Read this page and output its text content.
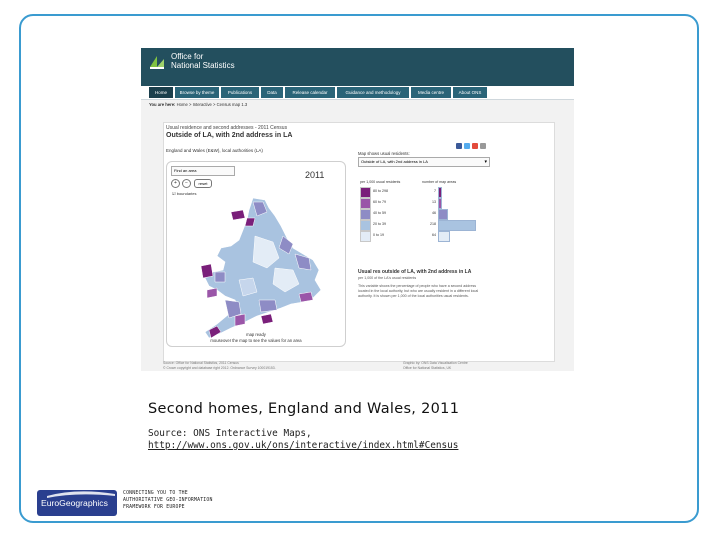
Office for
National Statistics
Home	Browse by theme	Publications	Data	Release calendar	Guidance and methodology	Media centre	About ONS
You are here: Home > Interactive > Census map 1.3
Usual residence and second addresses - 2011 Census
Outside of LA, with 2nd address in LA
England and Wales (E&W), local authorities (LA)
Find an area
+	−	reset
☑ boundaries
2011
map ready
mouseover the map to see the values for an area
Map shows usual residents:
Outside of LA, with 2nd address in LA	▾
per 1,000 usual residents	number of map areas
80 to 298	7
60 to 79	13
40 to 59	46
20 to 39	218
0 to 19	64
Usual res outside of LA, with 2nd address in LA
per 1,000 of the LA's usual residents
This variable shows the percentage of people who have a second address located in the local authority, but who are usually resident in a different local authority. It is shown per 1,000 of the local authorities usual residents.
Source: Office for National Statistics, 2011 Census
© Crown copyright and database right 2012. Ordnance Survey 100019153.
Graphic by: ONS Data Visualisation Centre
Office for National Statistics, UK
Second homes, England and Wales, 2011
Source: ONS Interactive Maps,
http://www.ons.gov.uk/ons/interactive/index.html#Census
EuroGeographics
CONNECTING YOU TO THE
AUTHORITATIVE GEO-INFORMATION
FRAMEWORK FOR EUROPE
